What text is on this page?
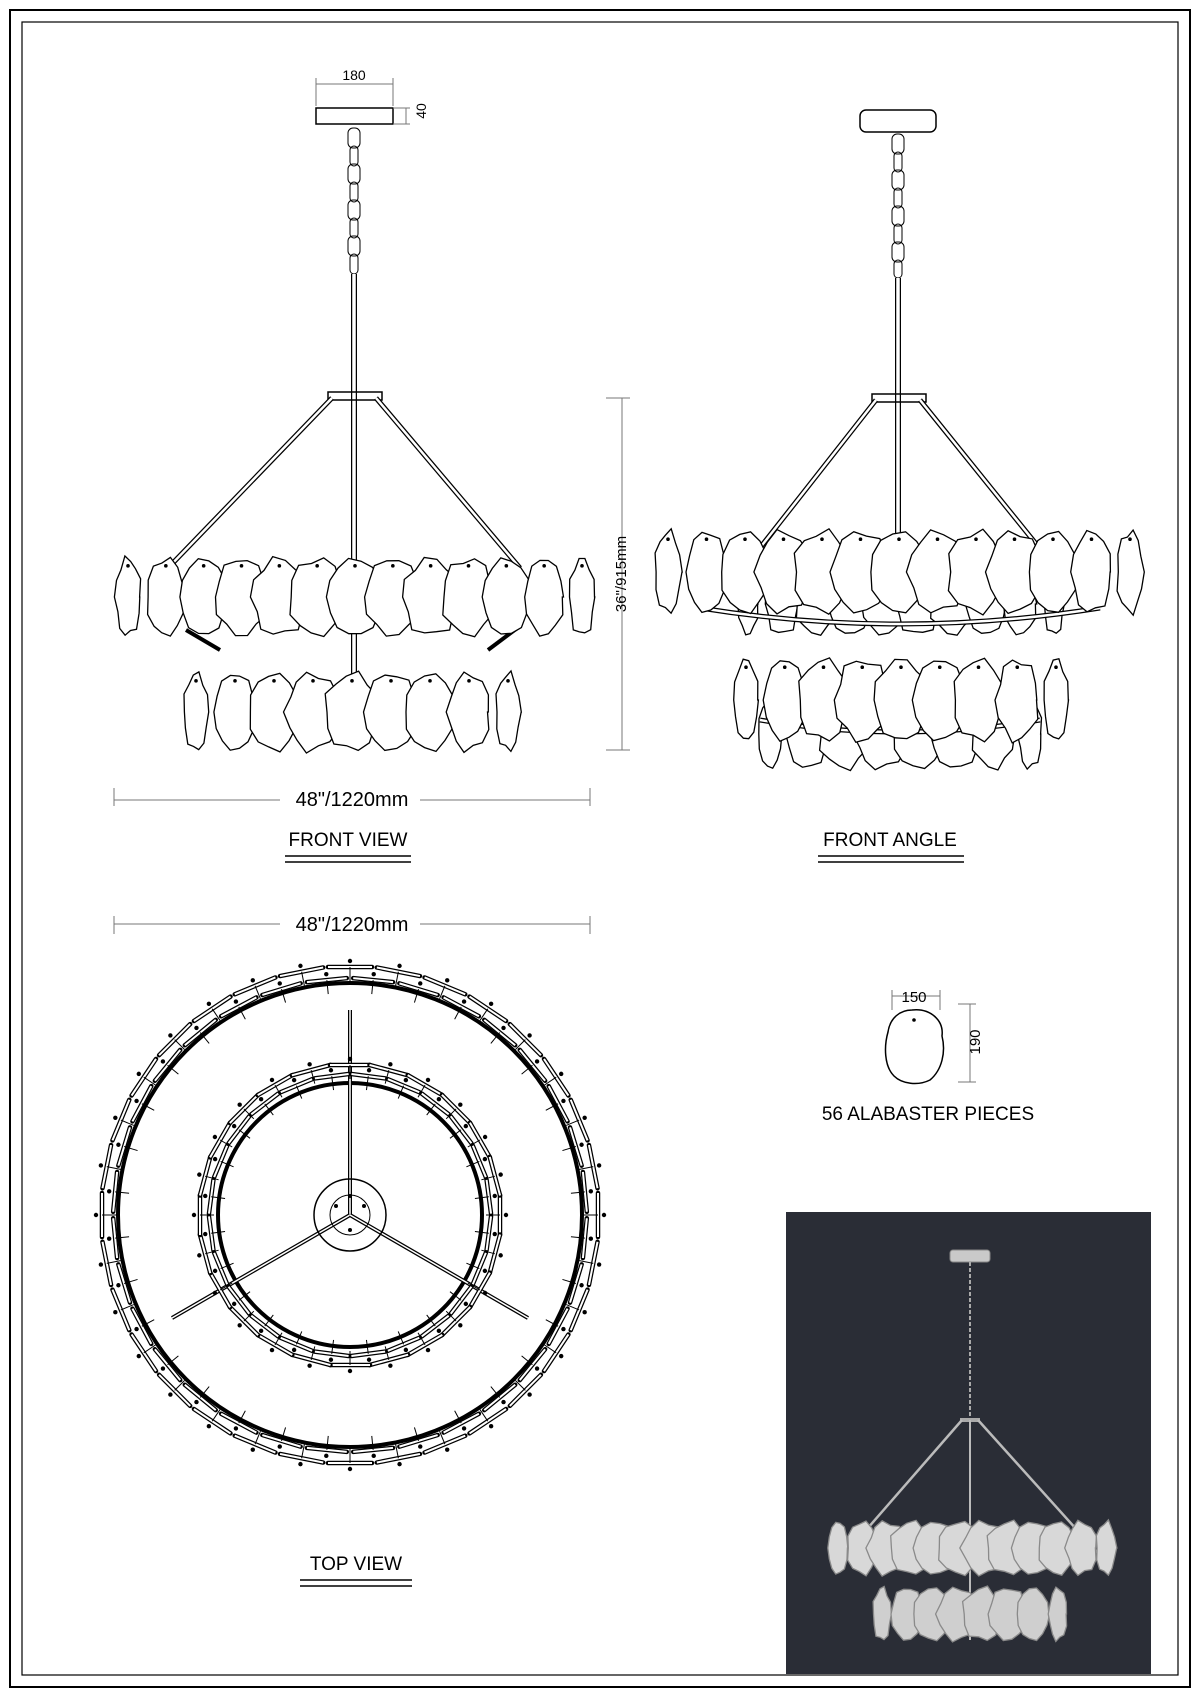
180
40
36"/915mm
48"/1220mm
FRONT VIEW	FRONT ANGLE
48"/1220mm
TOP VIEW
150
190
56 ALABASTER PIECES
